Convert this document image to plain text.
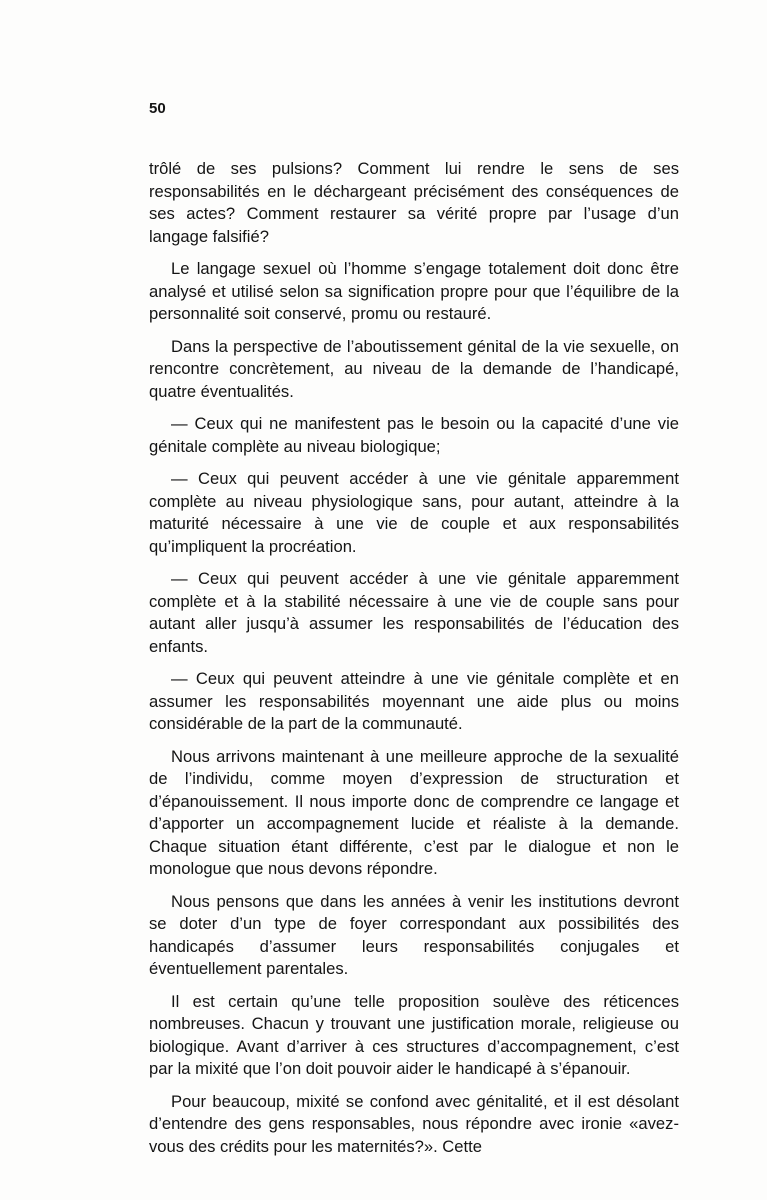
50

trôlé de ses pulsions? Comment lui rendre le sens de ses responsabilités en le déchargeant précisément des conséquences de ses actes? Comment restaurer sa vérité propre par l’usage d’un langage falsifié?

Le langage sexuel où l’homme s’engage totalement doit donc être analysé et utilisé selon sa signification propre pour que l’équilibre de la personnalité soit conservé, promu ou restauré.

Dans la perspective de l’aboutissement génital de la vie sexuelle, on rencontre concrètement, au niveau de la demande de l’handicapé, quatre éventualités.

— Ceux qui ne manifestent pas le besoin ou la capacité d’une vie génitale complète au niveau biologique;

— Ceux qui peuvent accéder à une vie génitale apparemment complète au niveau physiologique sans, pour autant, atteindre à la maturité nécessaire à une vie de couple et aux responsabilités qu’impliquent la procréation.

— Ceux qui peuvent accéder à une vie génitale apparemment complète et à la stabilité nécessaire à une vie de couple sans pour autant aller jusqu’à assumer les responsabilités de l’éducation des enfants.

— Ceux qui peuvent atteindre à une vie génitale complète et en assumer les responsabilités moyennant une aide plus ou moins considérable de la part de la communauté.

Nous arrivons maintenant à une meilleure approche de la sexualité de l’individu, comme moyen d’expression de structuration et d’épanouissement. Il nous importe donc de comprendre ce langage et d’apporter un accompagnement lucide et réaliste à la demande. Chaque situation étant différente, c’est par le dialogue et non le monologue que nous devons répondre.

Nous pensons que dans les années à venir les institutions devront se doter d’un type de foyer correspondant aux possibilités des handicapés d’assumer leurs responsabilités conjugales et éventuellement parentales.

Il est certain qu’une telle proposition soulève des réticences nombreuses. Chacun y trouvant une justification morale, religieuse ou biologique. Avant d’arriver à ces structures d’accompagnement, c’est par la mixité que l’on doit pouvoir aider le handicapé à s’épanouir.

Pour beaucoup, mixité se confond avec génitalité, et il est désolant d’entendre des gens responsables, nous répondre avec ironie «avez-vous des crédits pour les maternités?». Cette
